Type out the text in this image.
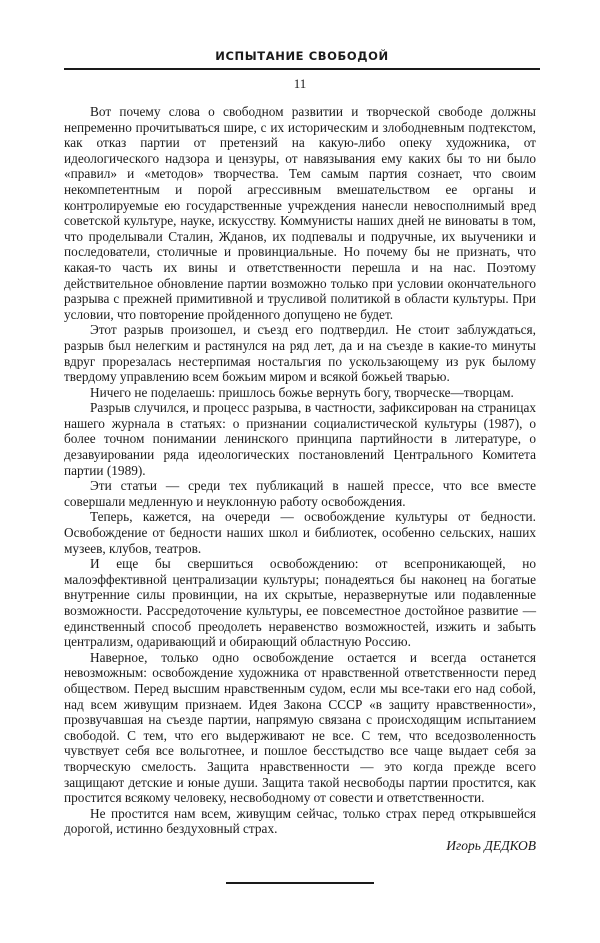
ИСПЫТАНИЕ СВОБОДОЙ
11

Вот почему слова о свободном развитии и творческой свободе должны непременно прочитываться шире, с их историческим и злободневным подтекстом, как отказ партии от претензий на какую-либо опеку художника, от идеологического надзора и цензуры, от навязывания ему каких бы то ни было «правил» и «методов» творчества. Тем самым партия сознает, что своим некомпетентным и порой агрессивным вмешательством ее органы и контролируемые ею государственные учреждения нанесли невосполнимый вред советской культуре, науке, искусству. Коммунисты наших дней не виноваты в том, что проделывали Сталин, Жданов, их подпевалы и подручные, их выученики и последователи, столичные и провинциальные. Но почему бы не признать, что какая-то часть их вины и ответственности перешла и на нас. Поэтому действительное обновление партии возможно только при условии окончательного разрыва с прежней примитивной и трусливой политикой в области культуры. При условии, что повторение пройденного допущено не будет.

Этот разрыв произошел, и съезд его подтвердил. Не стоит заблуждаться, разрыв был нелегким и растянулся на ряд лет, да и на съезде в какие-то минуты вдруг прорезалась нестерпимая ностальгия по ускользающему из рук былому твердому управлению всем божьим миром и всякой божьей тварью.

Ничего не поделаешь: пришлось божье вернуть богу, творческе—творцам.

Разрыв случился, и процесс разрыва, в частности, зафиксирован на страницах нашего журнала в статьях: о признании социалистической культуры (1987), о более точном понимании ленинского принципа партийности в литературе, о дезавуировании ряда идеологических постановлений Центрального Комитета партии (1989).

Эти статьи — среди тех публикаций в нашей прессе, что все вместе совершали медленную и неуклонную работу освобождения.

Теперь, кажется, на очереди — освобождение культуры от бедности. Освобождение от бедности наших школ и библиотек, особенно сельских, наших музеев, клубов, театров.

И еще бы свершиться освобождению: от всепроникающей, но малоэффективной централизации культуры; понадеяться бы наконец на богатые внутренние силы провинции, на их скрытые, неразвернутые или подавленные возможности. Рассредоточение культуры, ее повсеместное достойное развитие — единственный способ преодолеть неравенство возможностей, изжить и забыть централизм, одаривающий и обирающий областную Россию.

Наверное, только одно освобождение остается и всегда останется невозможным: освобождение художника от нравственной ответственности перед обществом. Перед высшим нравственным судом, если мы все-таки его над собой, над всем живущим признаем. Идея Закона СССР «в защиту нравственности», прозвучавшая на съезде партии, напрямую связана с происходящим испытанием свободой. С тем, что его выдерживают не все. С тем, что вседозволенность чувствует себя все вольготнее, и пошлое бесстыдство все чаще выдает себя за творческую смелость. Защита нравственности — это когда прежде всего защищают детские и юные души. Защита такой несвободы партии простится, как простится всякому человеку, несвободному от совести и ответственности.

Не простится нам всем, живущим сейчас, только страх перед открывшейся дорогой, истинно бездуховный страх.

Игорь ДЕДКОВ
